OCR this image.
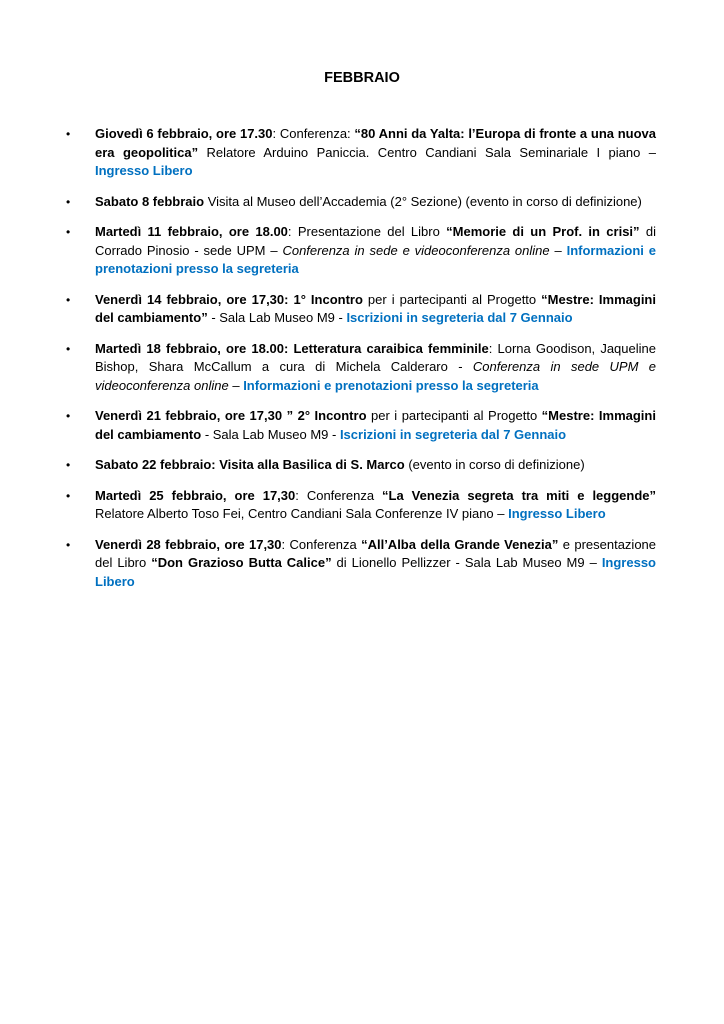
FEBBRAIO
• Giovedì 6 febbraio, ore 17.30: Conferenza: “80 Anni da Yalta: l’Europa di fronte a una nuova era geopolitica” Relatore Arduino Paniccia. Centro Candiani Sala Seminariale I piano – Ingresso Libero
• Sabato 8 febbraio Visita al Museo dell’Accademia (2° Sezione) (evento in corso di definizione)
• Martedì 11 febbraio, ore 18.00: Presentazione del Libro “Memorie di un Prof. in crisi” di Corrado Pinosio - sede UPM – Conferenza in sede e videoconferenza online – Informazioni e prenotazioni presso la segreteria
• Venerdì 14 febbraio, ore 17,30: 1° Incontro per i partecipanti al Progetto “Mestre: Immagini del cambiamento” - Sala Lab Museo M9 - Iscrizioni in segreteria dal 7 Gennaio
• Martedì 18 febbraio, ore 18.00: Letteratura caraibica femminile: Lorna Goodison, Jaqueline Bishop, Shara McCallum a cura di Michela Calderaro - Conferenza in sede UPM e videoconferenza online – Informazioni e prenotazioni presso la segreteria
• Venerdì 21 febbraio, ore 17,30 ” 2° Incontro per i partecipanti al Progetto “Mestre: Immagini del cambiamento - Sala Lab Museo M9 - Iscrizioni in segreteria dal 7 Gennaio
• Sabato 22 febbraio: Visita alla Basilica di S. Marco (evento in corso di definizione)
• Martedì 25 febbraio, ore 17,30: Conferenza “La Venezia segreta tra miti e leggende” Relatore Alberto Toso Fei, Centro Candiani Sala Conferenze IV piano – Ingresso Libero
• Venerdì 28 febbraio, ore 17,30: Conferenza “All’Alba della Grande Venezia” e presentazione del Libro “Don Grazioso Butta Calice” di Lionello Pellizzer - Sala Lab Museo M9 – Ingresso Libero
